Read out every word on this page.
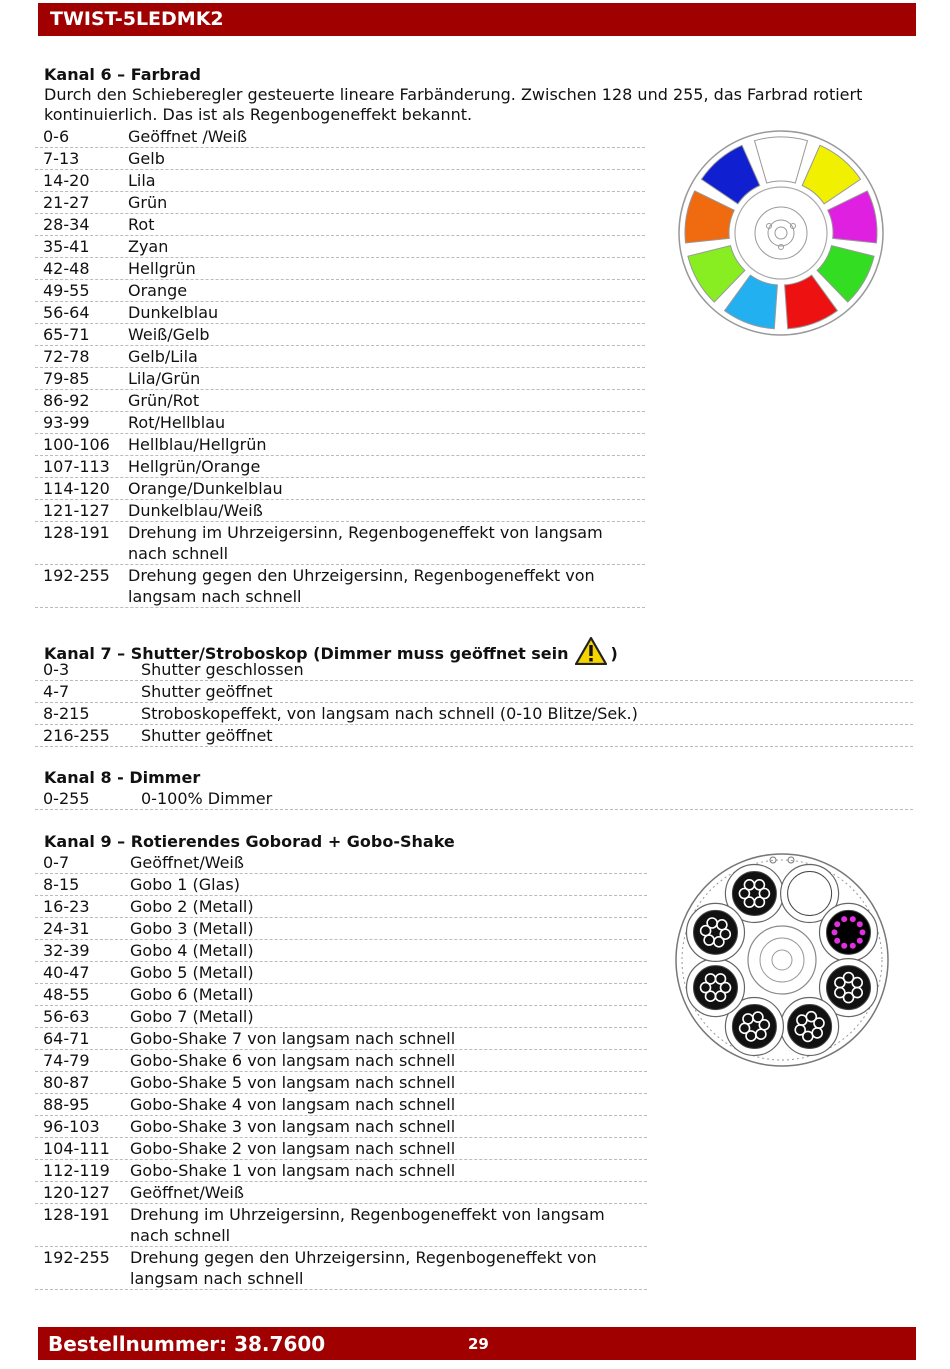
TWIST-5LEDMK2
Kanal 6 – Farbrad
Durch den Schieberegler gesteuerte lineare Farbänderung. Zwischen 128 und 255, das Farbrad rotiert kontinuierlich. Das ist als Regenbogeneffekt bekannt.
0-6	Geöffnet /Weiß
7-13	Gelb
14-20	Lila
21-27	Grün
28-34	Rot
35-41	Zyan
42-48	Hellgrün
49-55	Orange
56-64	Dunkelblau
65-71	Weiß/Gelb
72-78	Gelb/Lila
79-85	Lila/Grün
86-92	Grün/Rot
93-99	Rot/Hellblau
100-106	Hellblau/Hellgrün
107-113	Hellgrün/Orange
114-120	Orange/Dunkelblau
121-127	Dunkelblau/Weiß
128-191	Drehung im Uhrzeigersinn, Regenbogeneffekt von langsam nach schnell
192-255	Drehung gegen den Uhrzeigersinn, Regenbogeneffekt von langsam nach schnell
Kanal 7 – Shutter/Stroboskop (Dimmer muss geöffnet sein	)
0-3	Shutter geschlossen
4-7	Shutter geöffnet
8-215	Stroboskopeffekt, von langsam nach schnell (0-10 Blitze/Sek.)
216-255	Shutter geöffnet
Kanal 8 - Dimmer
0-255	0-100% Dimmer
Kanal 9 – Rotierendes Goborad + Gobo-Shake
0-7	Geöffnet/Weiß
8-15	Gobo 1 (Glas)
16-23	Gobo 2 (Metall)
24-31	Gobo 3 (Metall)
32-39	Gobo 4 (Metall)
40-47	Gobo 5 (Metall)
48-55	Gobo 6 (Metall)
56-63	Gobo 7 (Metall)
64-71	Gobo-Shake 7 von langsam nach schnell
74-79	Gobo-Shake 6 von langsam nach schnell
80-87	Gobo-Shake 5 von langsam nach schnell
88-95	Gobo-Shake 4 von langsam nach schnell
96-103	Gobo-Shake 3 von langsam nach schnell
104-111	Gobo-Shake 2 von langsam nach schnell
112-119	Gobo-Shake 1 von langsam nach schnell
120-127	Geöffnet/Weiß
128-191	Drehung im Uhrzeigersinn, Regenbogeneffekt von langsam nach schnell
192-255	Drehung gegen den Uhrzeigersinn, Regenbogeneffekt von langsam nach schnell
Bestellnummer: 38.7600	29
